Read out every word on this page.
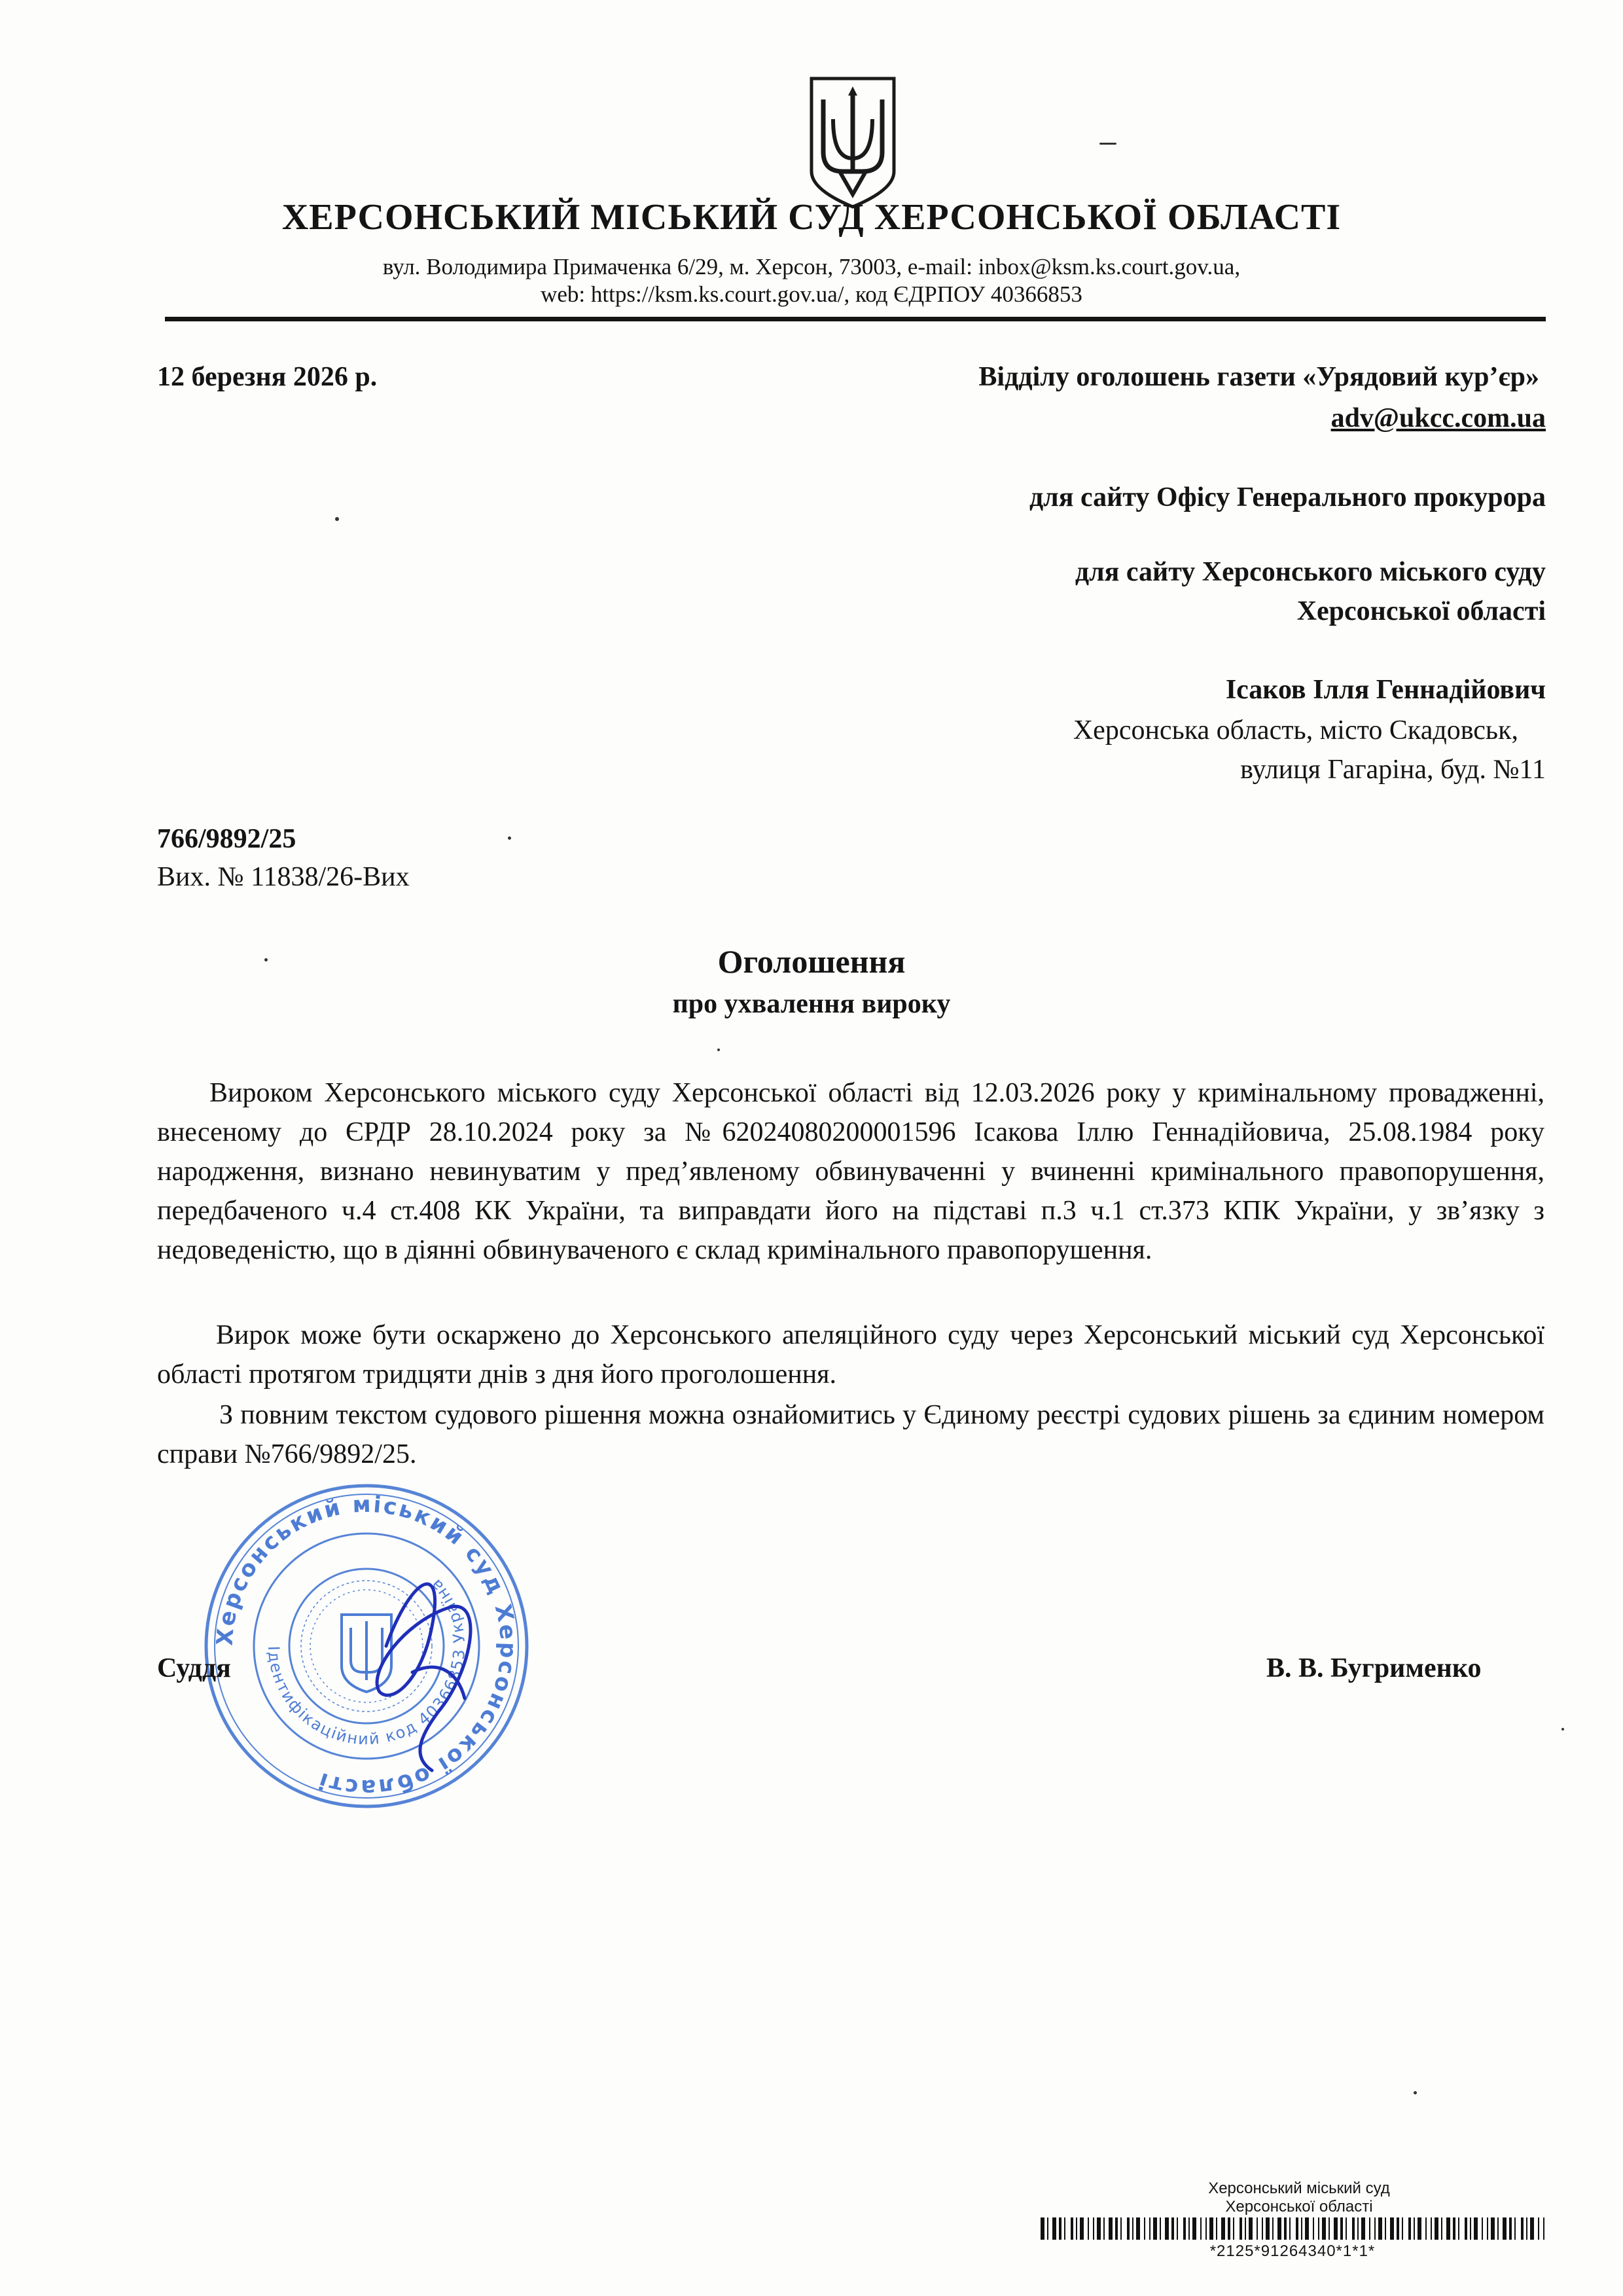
ХЕРСОНСЬКИЙ МІСЬКИЙ СУД ХЕРСОНСЬКОЇ ОБЛАСТІ
вул. Володимира Примаченка 6/29, м. Херсон, 73003, e-mail: inbox@ksm.ks.court.gov.ua,
web: https://ksm.ks.court.gov.ua/, код ЄДРПОУ 40366853
12 березня 2026 р.	Відділу оголошень газети «Урядовий кур’єр»
adv@ukcc.com.ua
для сайту Офісу Генерального прокурора
для сайту Херсонського міського суду
Херсонської області
Ісаков Ілля Геннадійович
Херсонська область, місто Скадовськ,
вулиця Гагаріна, буд. №11
766/9892/25
Вих. № 11838/26-Вих
Оголошення
про ухвалення вироку
Вироком Херсонського міського суду Херсонської області від 12.03.2026 року у кримінальному провадженні, внесеному до ЄРДР 28.10.2024 року за №62024080200001596 Ісакова Іллю Геннадійовича, 25.08.1984 року народження, визнано невинуватим у пред’явленому обвинуваченні у вчиненні кримінального правопорушення, передбаченого ч.4 ст.408 КК України, та виправдати його на підставі п.3 ч.1 ст.373 КПК України, у зв’язку з недоведеністю, що в діянні обвинуваченого є склад кримінального правопорушення.
Вирок може бути оскаржено до Херсонського апеляційного суду через Херсонський міський суд Херсонської області протягом тридцяти днів з дня його проголошення.
З повним текстом судового рішення можна ознайомитись у Єдиному реєстрі судових рішень за єдиним номером справи №766/9892/25.
Херсонський міський суд Херсонської області
Ідентифікаційний код 40366853 Україна
Суддя	В. В. Бугрименко
Херсонський міський суд
Херсонської області
*2125*91264340*1*1*
